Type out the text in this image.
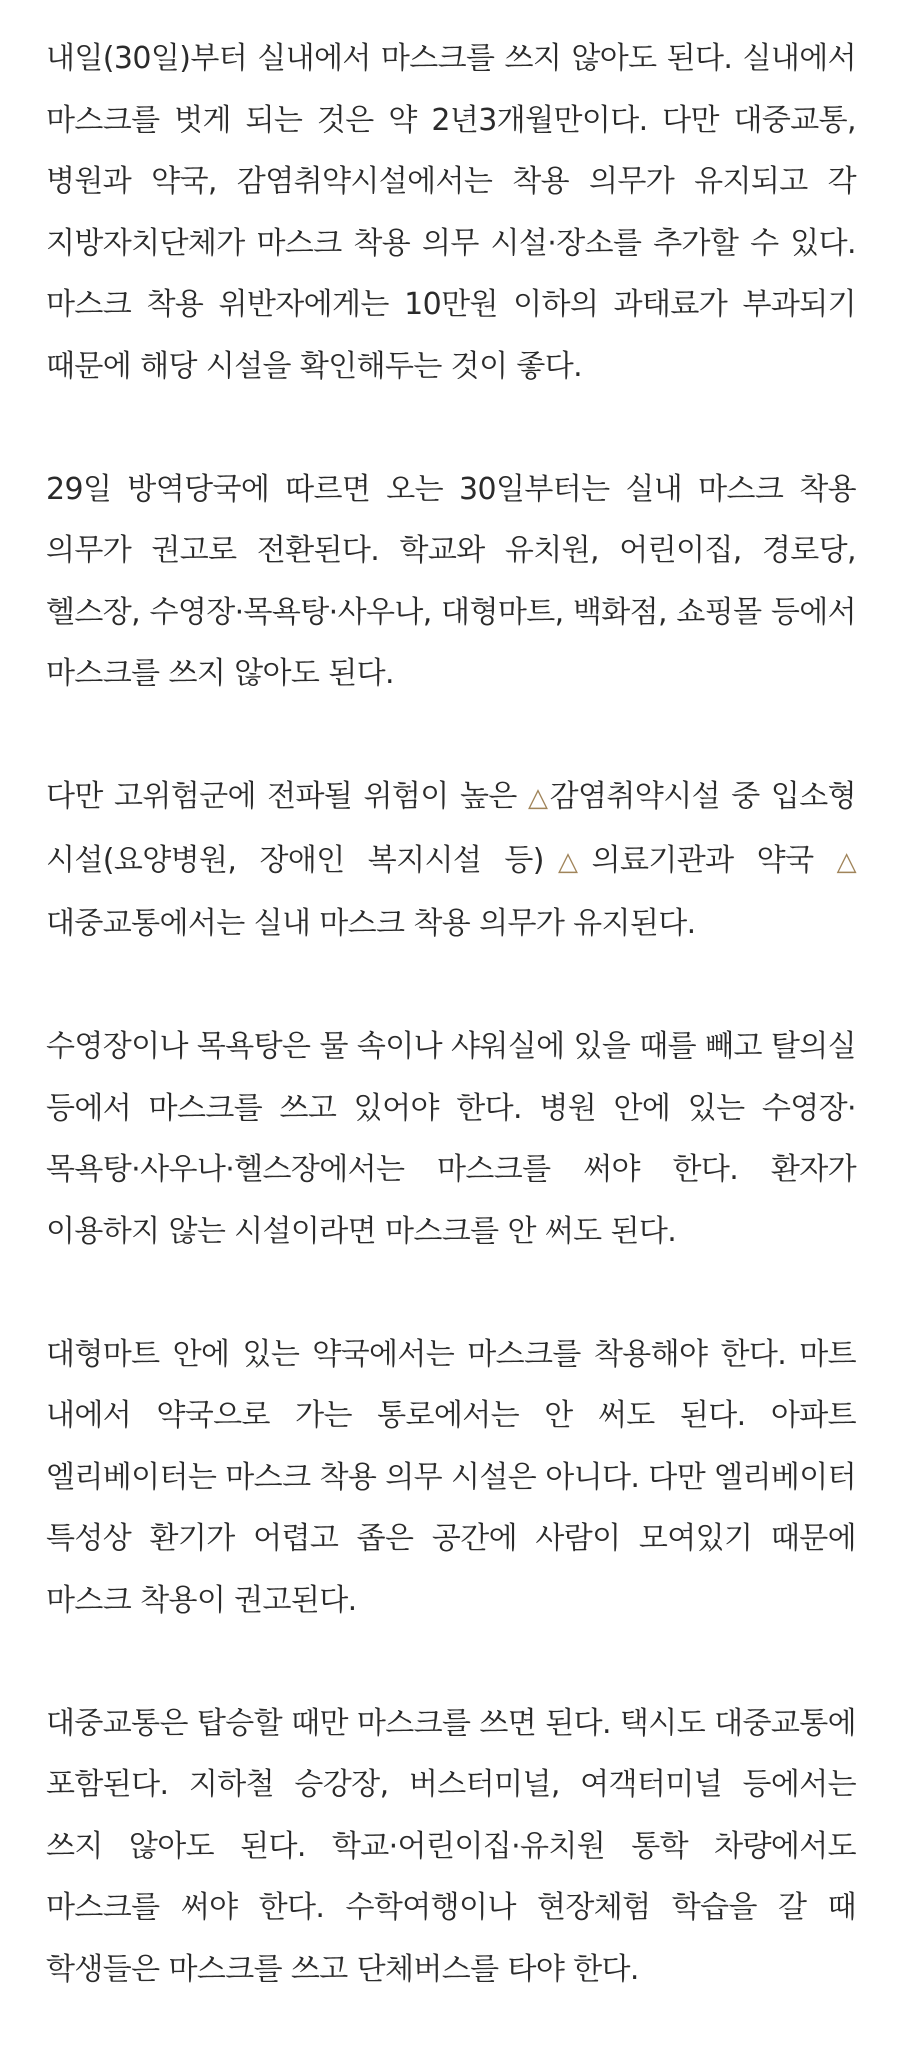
내일(30일)부터 실내에서 마스크를 쓰지 않아도 된다. 실내에서 마스크를 벗게 되는 것은 약 2년3개월만이다. 다만 대중교통, 병원과 약국, 감염취약시설에서는 착용 의무가 유지되고 각 지방자치단체가 마스크 착용 의무 시설·장소를 추가할 수 있다. 마스크 착용 위반자에게는 10만원 이하의 과태료가 부과되기 때문에 해당 시설을 확인해두는 것이 좋다.

29일 방역당국에 따르면 오는 30일부터는 실내 마스크 착용 의무가 권고로 전환된다. 학교와 유치원, 어린이집, 경로당, 헬스장, 수영장·목욕탕·사우나, 대형마트, 백화점, 쇼핑몰 등에서 마스크를 쓰지 않아도 된다.

다만 고위험군에 전파될 위험이 높은 △감염취약시설 중 입소형 시설(요양병원, 장애인 복지시설 등)△의료기관과 약국 △대중교통에서는 실내 마스크 착용 의무가 유지된다.

수영장이나 목욕탕은 물 속이나 샤워실에 있을 때를 빼고 탈의실 등에서 마스크를 쓰고 있어야 한다. 병원 안에 있는 수영장·목욕탕·사우나·헬스장에서는 마스크를 써야 한다. 환자가 이용하지 않는 시설이라면 마스크를 안 써도 된다.

대형마트 안에 있는 약국에서는 마스크를 착용해야 한다. 마트 내에서 약국으로 가는 통로에서는 안 써도 된다. 아파트 엘리베이터는 마스크 착용 의무 시설은 아니다. 다만 엘리베이터 특성상 환기가 어렵고 좁은 공간에 사람이 모여있기 때문에 마스크 착용이 권고된다.

대중교통은 탑승할 때만 마스크를 쓰면 된다. 택시도 대중교통에 포함된다. 지하철 승강장, 버스터미널, 여객터미널 등에서는 쓰지 않아도 된다. 학교·어린이집·유치원 통학 차량에서도 마스크를 써야 한다. 수학여행이나 현장체험 학습을 갈 때 학생들은 마스크를 쓰고 단체버스를 타야 한다.
